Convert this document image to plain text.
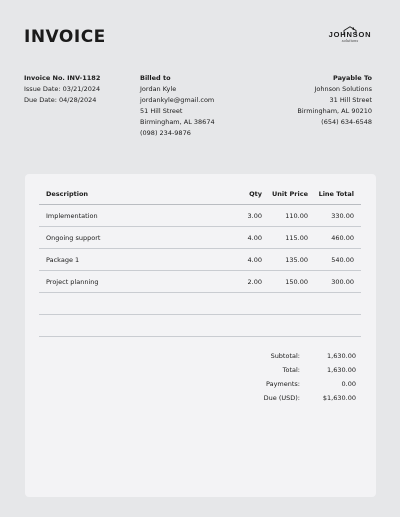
INVOICE	JOHNSON
solutions
Invoice No. INV-1182
Issue Date: 03/21/2024
Due Date: 04/28/2024
Billed to
Jordan Kyle
jordankyle@gmail.com
51 Hill Street
Birmingham, AL 38674
(098) 234-9876
Payable To
Johnson Solutions
31 Hill Street
Birmingham, AL 90210
(654) 634-6548
Description	Qty	Unit Price	Line Total
Implementation	3.00	110.00	330.00
Ongoing support	4.00	115.00	460.00
Package 1	4.00	135.00	540.00
Project planning	2.00	150.00	300.00

Subtotal:	1,630.00
Total:	1,630.00
Payments:	0.00
Due (USD):	$1,630.00
